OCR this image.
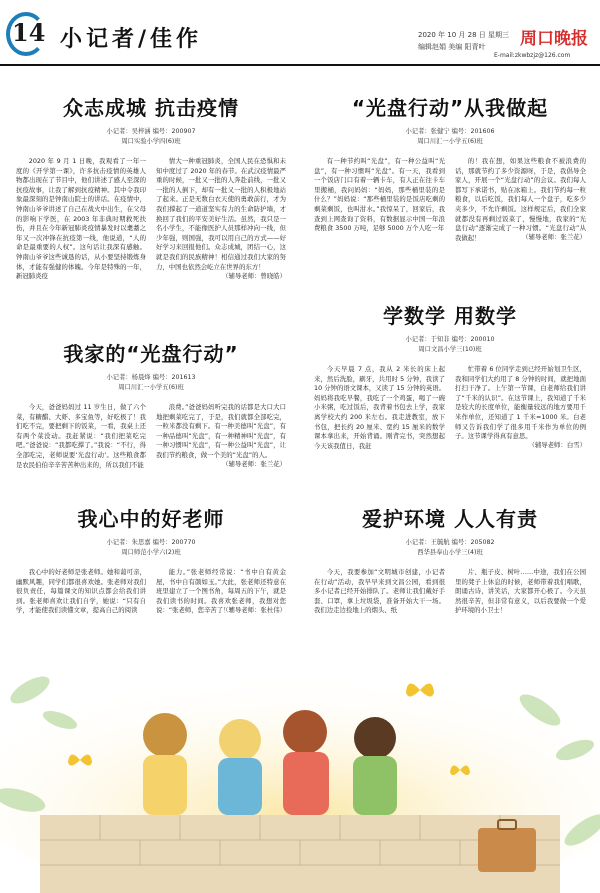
14 小记者/佳作	2020 年 10 月 28 日 星期三
编辑赵娟 美编 阳青叶 周口晚报
E-mail:zkwbzjz@126.com
众志成城 抗击疫情
小记者：吴梓涵 编号：200907
周口实验小学四(6)班

2020 年 9 月 1 日晚，我观看了一年一度的《开学第一课》，许多抗击疫情的英雄人物都出现在了节目中，他们讲述了感人至深的抗疫故事，让我了解到抗疫精神。其中令我印象最深刻的是钟南山院士的讲话。在疫情中，钟南山爷爷讲述了自己在战火中出生，在父母的影响下学医，在 2003 年非典时期救死扶伤，并且在今年新冠肺炎疫情暴发时以耄耋之年又一次冲锋在抗疫第一线，他说道，“人的命是最重要的人权”。这句话让我深有感触。钟南山爷爷这些诚恳的话，从小要坚持锻炼身体，才能有强健的体魄。今年是特殊的一年，新冠肺炎疫

情大一种重冠肺炎，全国人民在恐惧和未知中度过了 2020 年的春节。在武汉疫情最严重的时候，一批又一批的人奔赴前线，一批又一批的人倒下，却有一批又一批的人积极地站了起来。正是无数白衣天使的勇敢前行，才为我们撑起了一道道坚实有力的生命防护墙，才换回了我们的平安美好生活。虽然，我只是一名小学生，不能像医护人员那样冲向一线，但少年强，则国强，我可以用自己的方式——好好学习来回报他们。众志成城，团结一心，这就是我们的民族精神！相信通过我们大家的努力，中国也依然会屹立在世界的东方！

（辅导老师：曾晓皓）
“光盘行动”从我做起
小记者：张健宁 编号：201606
周口川汇一小学五(6)班

有一种节约叫“光盘”，有一种公益叫“光盘”，有一种习惯叫“光盘”。有一天，我看到一个饭店门口有着一辆卡车，有人正在往卡车里搬桶，我问妈妈：“妈妈，那些桶里装的是什么？”妈妈说：“那些桶里装的是饭店吃剩的剩菜剩饭，也叫泔水。”我惊呆了，回家后，我查到上网查询了资料，有数据显示中国一年浪费粮食 3500 万吨，足够 5000 万个人吃一年

的！我在想，如果这些粮食不被浪费的话，那就节约了多少资源呀，于是，我倡导全家人，开展一个“光盘行动”的会议。我们每人都写下承诺书，贴在冰箱上。我们节约每一粒粮食，以后吃饭，我们每人一个盘子，吃多少夹多少，不允许剩饭。这样规定后，我们全家就都没有再剩过饭菜了，慢慢地，我家的“光盘行动”逐渐完成了一种习惯。“光盘行动”从我做起！	（辅导老师：张兰花）
学数学 用数学
小记者：于知非 编号：200010
周口文昌小学三(10)班

今天早晨 7 点，我从 2 米长的床上起来，然后洗脸，刷牙，共用时 5 分钟，我读了 10 分钟的语文课本，又读了 15 分钟的英语。妈妈将我吃早餐，我吃了一个鸡蛋，喝了一碗小米粥，吃过饭后，我背着书包去上学，我家离学校大约 200 米左右。我走进教室，放下书包，把长约 20 厘米、宽约 15 厘米的数学课本拿出来，开始背诵。刚背完书，突然想起今天该我值日，我赶

忙带着 6 位同学走到已经开始划卫生区，我和同学们大约用了 8 分钟的时间，就把地面打扫干净了。上午第一节课，白老师给我们讲了“千米的认识”。在这节课上，我知道了千米是较大的长度单位，能衡量较远的地方要用千米作单位，还知道了 1 千米=1000 米。白老师又告诉我们学了很多用千米作为单位的例子。这节课学得真有意思。

（辅导老师：白雪）
我家的“光盘行动”
小记者：杨晨烽 编号：201613
周口川汇一小学五(6)班

今天，爸爸妈妈过 11 岁生日，做了六个菜，有糖醋、大虾、多宝鱼等，好吃极了！我们吃不完，要把剩下的饭菜，一看，我桌上还有两个菜没动。我赶紧说：“我们把菜吃完吧。”爸爸说：“我都吃撑了。”我说：“不行，得全部吃完，老师说要‘光盘行动’。这些粮食都是农民伯伯辛辛苦苦种出来的，所以我们不能

浪费。”爸爸妈妈听完我的话都是大口大口地把剩菜吃完了，于是，我们就都全部吃完，一粒米都没有剩下。有一种美德叫“光盘”，有一种品德叫“光盘”，有一种精神叫“光盘”，有一种习惯叫“光盘”，有一种公益叫“光盘”，让我们节约粮食，做一个美的“光盘”的人。

（辅导老师：张兰花）
我心中的好老师
小记者：朱思嘉 编号：200770
周口师范小学六(2)班

我心中的好老师是张老师。她和蔼可亲，幽默风趣，同学们都很喜欢她。张老师对我们很负责任，每篇课文的知识点都会给我们讲到。张老师喜欢让我们自学，她说：“只有自学，才能使我们读懂文章，提高自己的阅读

能力。”张老师经常说：“书中自有黄金屋，书中自有颜如玉。”大此，张老师还特意在班里建立了一个图书角，每周五的下午，就是我们读书的时间。我喜欢张老师，我想对您说：“张老师，您辛苦了！”

（辅导老师：张杜伟）
爱护环境 人人有责
小记者：王毓航 编号：205082
西华县奉山小学三(4)班

今天，我要参加“文明城市创建，小记者在行动”活动，我早早来到文昌公园，看到很多小记者已经开始排队了。老师让我们戴好手套、口罩，拿上垃圾袋，准备开始大干一场。我们边走边捡地上的烟头、纸

片、瓶子皮、树叶……中途，我们在公园里的凳子上休息的时候，老师带着我们唱歌，朗诵古诗，讲笑话，大家都开心极了。今天虽然很辛苦，但非常有意义，以后我要做一个爱护环境的小卫士！
